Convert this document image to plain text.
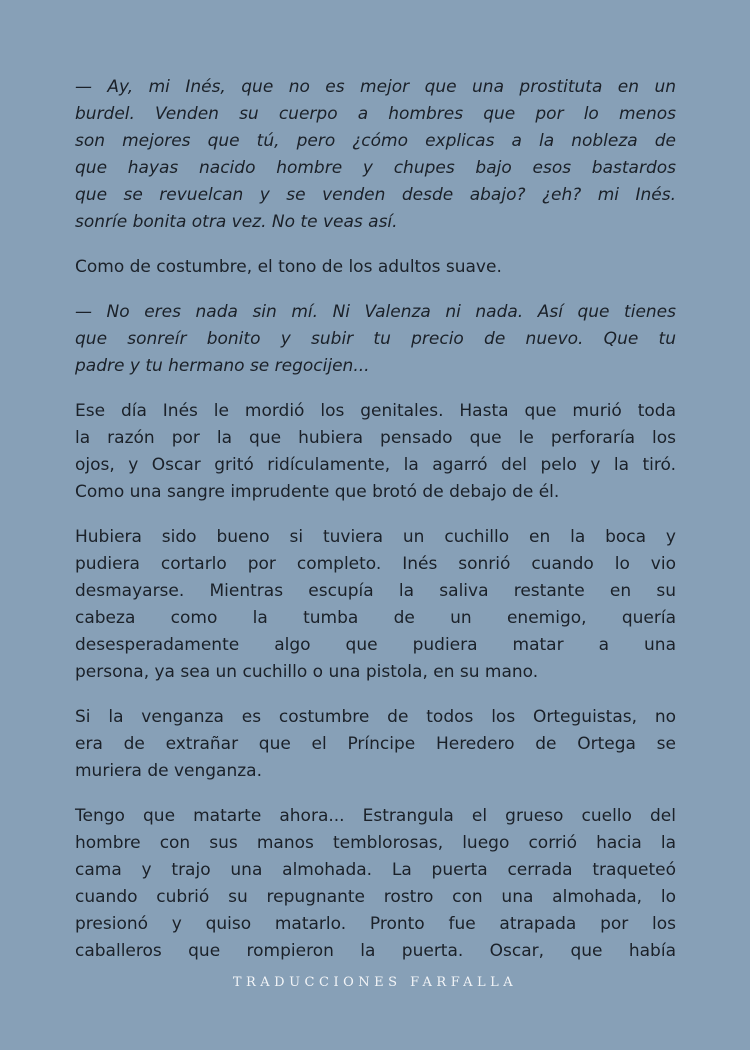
— Ay, mi Inés, que no es mejor que una prostituta en un
burdel. Venden su cuerpo a hombres que por lo menos
son mejores que tú, pero ¿cómo explicas a la nobleza de
que hayas nacido hombre y chupes bajo esos bastardos
que se revuelcan y se venden desde abajo? ¿eh? mi Inés.
sonríe bonita otra vez. No te veas así.
Como de costumbre, el tono de los adultos suave.
— No eres nada sin mí. Ni Valenza ni nada. Así que tienes
que sonreír bonito y subir tu precio de nuevo. Que tu
padre y tu hermano se regocijen...
Ese día Inés le mordió los genitales. Hasta que murió toda
la razón por la que hubiera pensado que le perforaría los
ojos, y Oscar gritó ridículamente, la agarró del pelo y la tiró.
Como una sangre imprudente que brotó de debajo de él.
Hubiera sido bueno si tuviera un cuchillo en la boca y
pudiera cortarlo por completo. Inés sonrió cuando lo vio
desmayarse. Mientras escupía la saliva restante en su
cabeza como la tumba de un enemigo, quería
desesperadamente algo que pudiera matar a una
persona, ya sea un cuchillo o una pistola, en su mano.
Si la venganza es costumbre de todos los Orteguistas, no
era de extrañar que el Príncipe Heredero de Ortega se
muriera de venganza.
Tengo que matarte ahora... Estrangula el grueso cuello del
hombre con sus manos temblorosas, luego corrió hacia la
cama y trajo una almohada. La puerta cerrada traqueteó
cuando cubrió su repugnante rostro con una almohada, lo
presionó y quiso matarlo. Pronto fue atrapada por los
caballeros que rompieron la puerta. Oscar, que había
TRADUCCIONES FARFALLA
